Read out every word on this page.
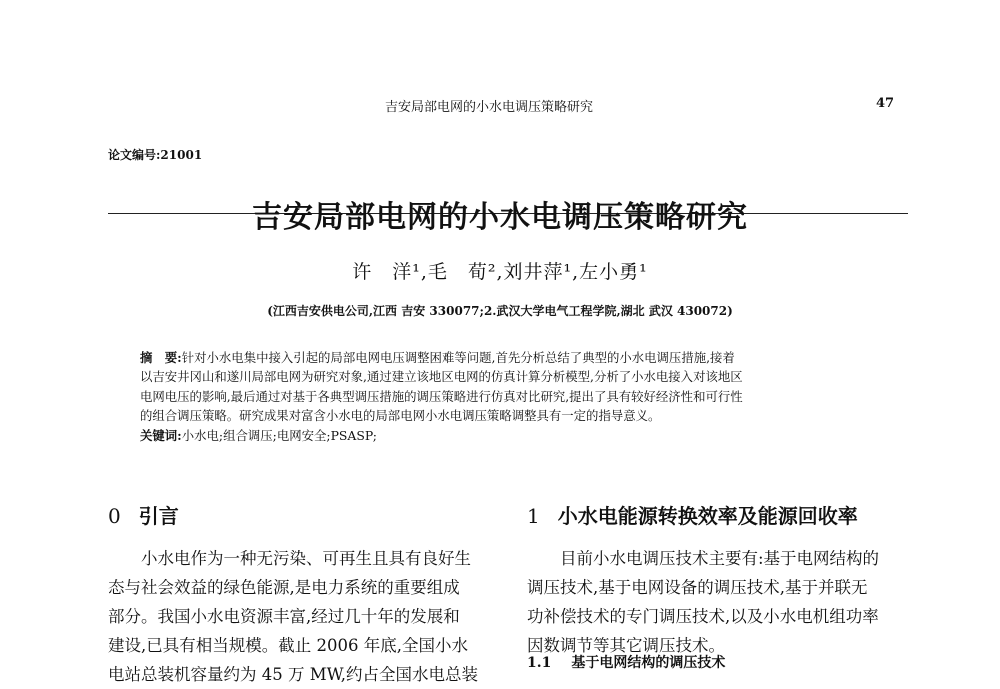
吉安局部电网的小水电调压策略研究	47
论文编号:21001
吉安局部电网的小水电调压策略研究
许　洋¹,毛　荀²,刘井萍¹,左小勇¹
(江西吉安供电公司,江西 吉安 330077;2.武汉大学电气工程学院,湖北 武汉 430072)
摘　要:针对小水电集中接入引起的局部电网电压调整困难等问题,首先分析总结了典型的小水电调压措施,接着
以吉安井冈山和遂川局部电网为研究对象,通过建立该地区电网的仿真计算分析模型,分析了小水电接入对该地区
电网电压的影响,最后通过对基于各典型调压措施的调压策略进行仿真对比研究,提出了具有较好经济性和可行性
的组合调压策略。研究成果对富含小水电的局部电网小水电调压策略调整具有一定的指导意义。
关键词:小水电;组合调压;电网安全;PSASP;
0 引言	1 小水电能源转换效率及能源回收率
小水电作为一种无污染、可再生且具有良好生
态与社会效益的绿色能源,是电力系统的重要组成
部分。我国小水电资源丰富,经过几十年的发展和
建设,已具有相当规模。截止 2006 年底,全国小水
电站总装机容量约为 45 万 MW,约占全国水电总装
目前小水电调压技术主要有:基于电网结构的
调压技术,基于电网设备的调压技术,基于并联无
功补偿技术的专门调压技术,以及小水电机组功率
因数调节等其它调压技术。
1.1 基于电网结构的调压技术
